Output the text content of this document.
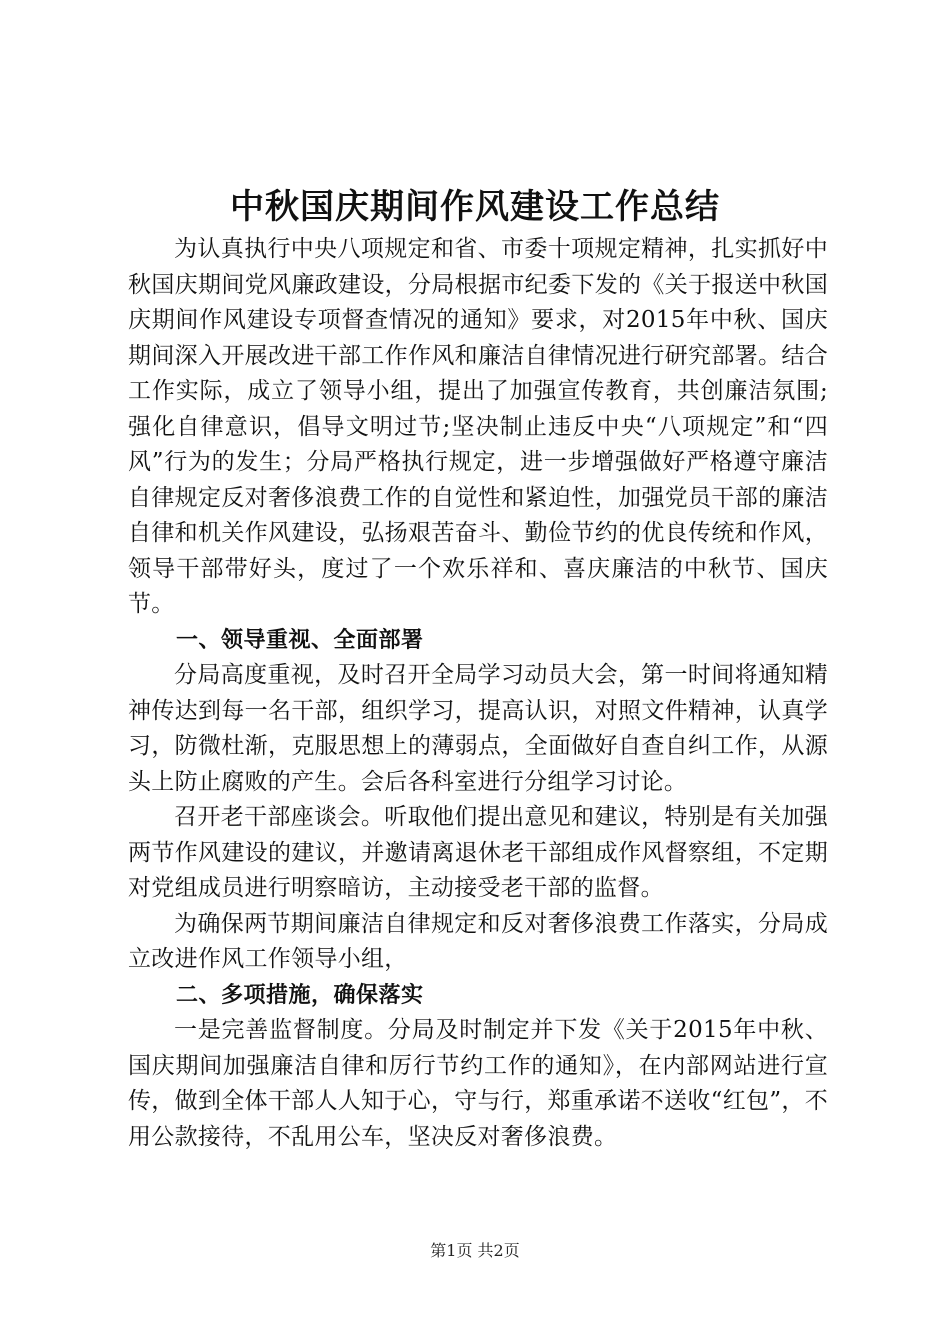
中秋国庆期间作风建设工作总结

为认真执行中央八项规定和省、市委十项规定精神，扎实抓好中秋国庆期间党风廉政建设，分局根据市纪委下发的《关于报送中秋国庆期间作风建设专项督查情况的通知》要求，对2015年中秋、国庆期间深入开展改进干部工作作风和廉洁自律情况进行研究部署。结合工作实际，成立了领导小组，提出了加强宣传教育，共创廉洁氛围;强化自律意识，倡导文明过节;坚决制止违反中央“八项规定”和“四风”行为的发生；分局严格执行规定，进一步增强做好严格遵守廉洁自律规定反对奢侈浪费工作的自觉性和紧迫性，加强党员干部的廉洁自律和机关作风建设，弘扬艰苦奋斗、勤俭节约的优良传统和作风，领导干部带好头，度过了一个欢乐祥和、喜庆廉洁的中秋节、国庆节。

一、领导重视、全面部署

分局高度重视，及时召开全局学习动员大会，第一时间将通知精神传达到每一名干部，组织学习，提高认识，对照文件精神，认真学习，防微杜渐，克服思想上的薄弱点，全面做好自查自纠工作，从源头上防止腐败的产生。会后各科室进行分组学习讨论。

召开老干部座谈会。听取他们提出意见和建议，特别是有关加强两节作风建设的建议，并邀请离退休老干部组成作风督察组，不定期对党组成员进行明察暗访，主动接受老干部的监督。

为确保两节期间廉洁自律规定和反对奢侈浪费工作落实，分局成立改进作风工作领导小组，

二、多项措施，确保落实

一是完善监督制度。分局及时制定并下发《关于2015年中秋、国庆期间加强廉洁自律和厉行节约工作的通知》，在内部网站进行宣传，做到全体干部人人知于心，守与行，郑重承诺不送收“红包”，不用公款接待，不乱用公车，坚决反对奢侈浪费。

第1页 共2页
